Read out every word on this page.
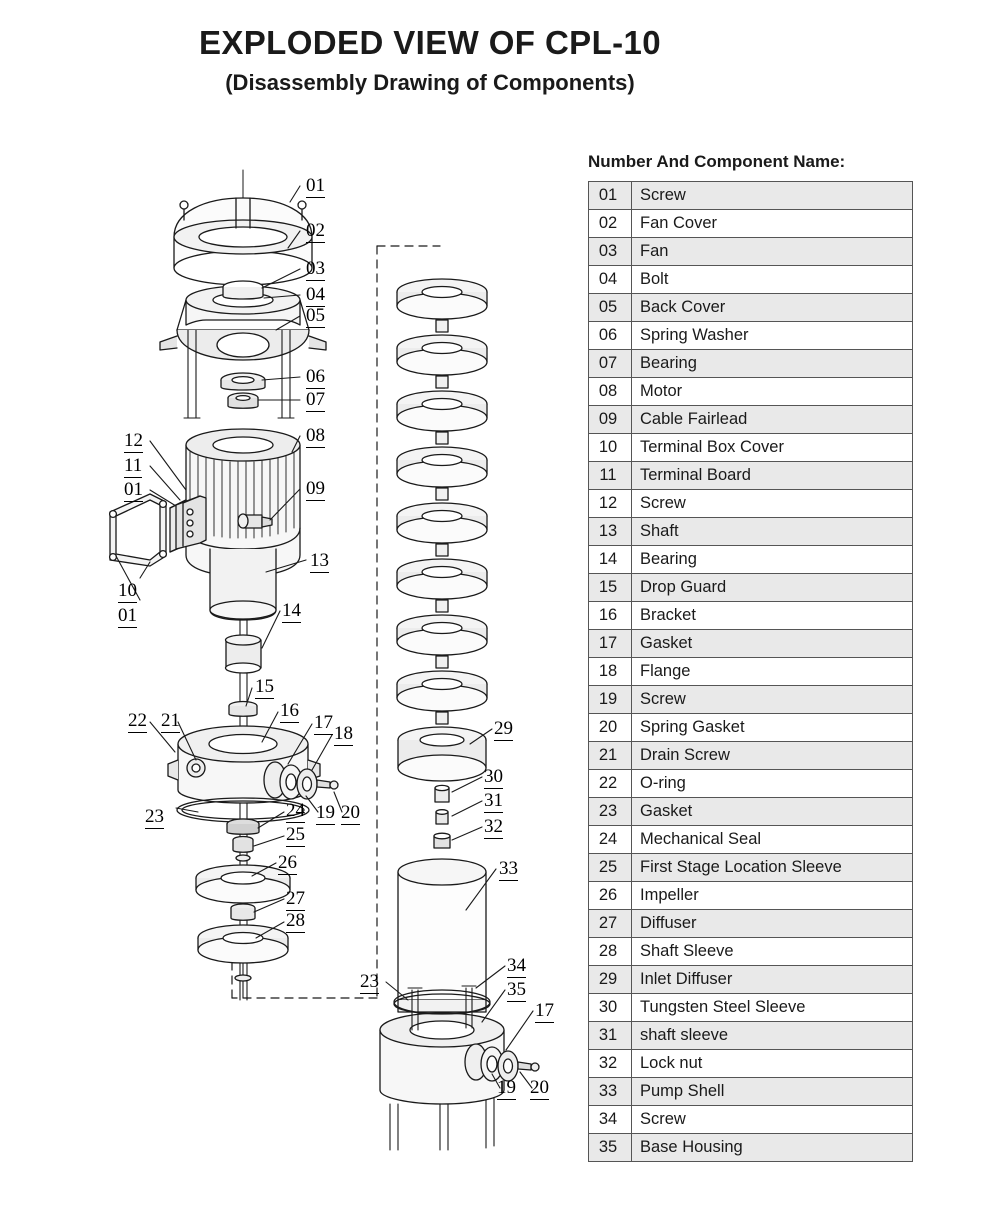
EXPLODED VIEW OF CPL-10
(Disassembly Drawing of Components)
01
02
03
04
05
06
07
12
11
01
08
09
13
10
01	14
15
22 21	16
17
18
23	24 19 20
25
26
27
28
29
30
31
32
33
23
34
35
17
19 20
Number And Component Name:
01	Screw
02	Fan Cover
03	Fan
04	Bolt
05	Back Cover
06	Spring Washer
07	Bearing
08	Motor
09	Cable Fairlead
10	Terminal Box Cover
11	Terminal Board
12	Screw
13	Shaft
14	Bearing
15	Drop Guard
16	Bracket
17	Gasket
18	Flange
19	Screw
20	Spring Gasket
21	Drain Screw
22	O-ring
23	Gasket
24	Mechanical Seal
25	First Stage Location Sleeve
26	Impeller
27	Diffuser
28	Shaft Sleeve
29	Inlet Diffuser
30	Tungsten Steel Sleeve
31	shaft sleeve
32	Lock nut
33	Pump Shell
34	Screw
35	Base Housing
